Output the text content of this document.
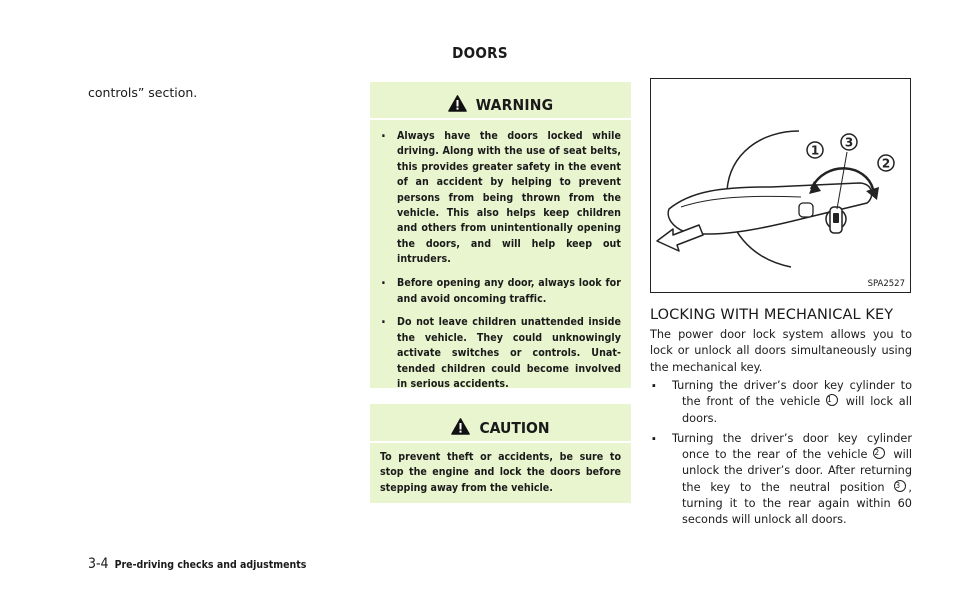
DOORS
controls” section.
WARNING
. Always have the doors locked while driving. Along with the use of seat belts, this provides greater safety in the event of an accident by helping to prevent persons from being thrown from the vehicle. This also helps keep children and others from unintentionally opening the doors, and will help keep out intruders.
. Before opening any door, always look for and avoid oncoming traffic.
. Do not leave children unattended inside the vehicle. They could unknowingly activate switches or controls. Unat-tended children could become involved in serious accidents.
CAUTION

To prevent theft or accidents, be sure to stop the engine and lock the doors before stepping away from the vehicle.

1
3
2
SPA2527
LOCKING WITH MECHANICAL KEY

The power door lock system allows you to lock or unlock all doors simultaneously using the mechanical key.

. Turning the driver’s door key cylinder to
the front of the vehicle 1 will lock all
doors.
. Turning the driver’s door key cylinder
once to the rear of the vehicle 2 will
unlock the driver’s door. After returning
the key to the neutral position 3 ,
turning it to the rear again within 60
seconds will unlock all doors.
3-4 Pre-driving checks and adjustments
